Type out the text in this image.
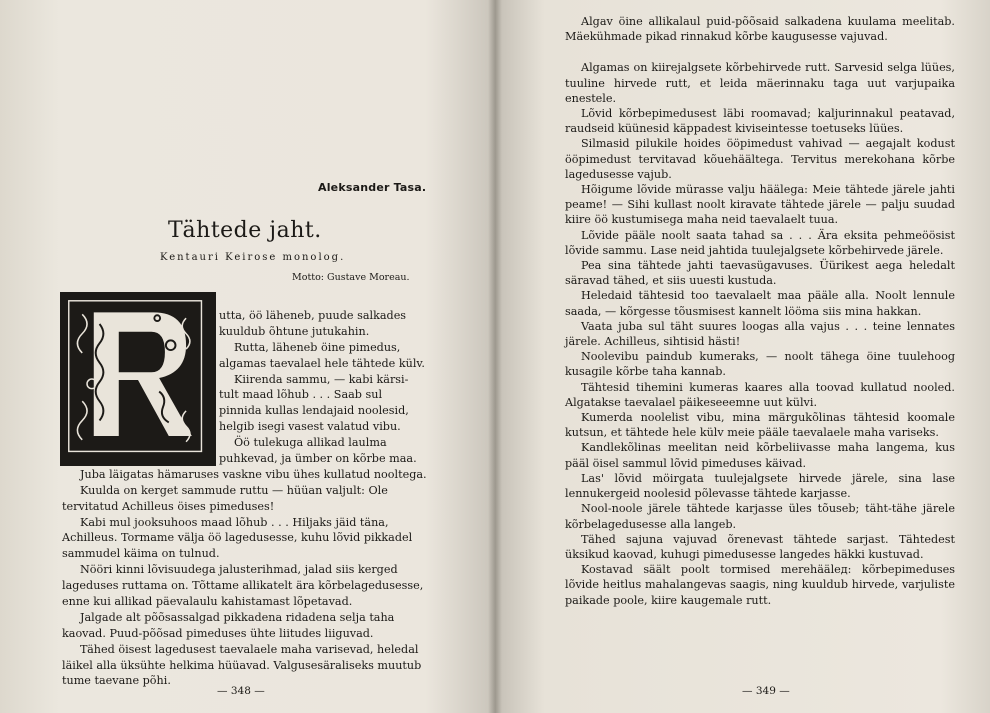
Aleksander Tasa.
Tähtede jaht.
Kentauri Keirose monolog.
Motto: Gustave Moreau.
utta, öö läheneb, puude salkades
kuuldub õhtune jutukahin.
Rutta, läheneb öine pimedus,
algamas taevalael hele tähtede külv.
Kiirenda sammu, — kabi kärsi-
tult maad lõhub . . . Saab sul
pinnida kullas lendajaid noolesid,
helgib isegi vasest valatud vibu.
Öö tulekuga allikad laulma
puhkevad, ja ümber on kõrbe maa.
Juba läigatas hämaruses vaskne vibu ühes kullatud nooltega.
Kuulda on kerget sammude ruttu — hüüan valjult: Ole
tervitatud Achilleus öises pimeduses!
Kabi mul jooksuhoos maad lõhub . . . Hiljaks jäid täna,
Achilleus. Tormame välja öö lagedusesse, kuhu lõvid pikkadel
sammudel käima on tulnud.
Nööri kinni lõvisuudega jalusterihmad, jalad siis kerged
lageduses ruttama on. Tõttame allikatelt ära kõrbelagedusesse,
enne kui allikad päevalaulu kahistamast lõpetavad.
Jalgade alt põõsassalgad pikkadena ridadena selja taha
kaovad. Puud-põõsad pimeduses ühte liitudes liiguvad.
Tähed öisest lagedusest taevalaele maha varisevad, heledal
läikel alla üksühte helkima hüüavad. Valgusesäraliseks muutub
tume taevane põhi.
— 348 —

Algav öine allikalaul puid-põõsaid salkadena kuulama meelitab. Mäekühmade pikad rinnakud kõrbe kaugusesse vajuvad.

Algamas on kiirejalgsete kõrbehirvede rutt. Sarvesid selga lüües, tuuline hirvede rutt, et leida mäerinnaku taga uut varjupaika enestele.

Lõvid kõrbepimedusest läbi roomavad; kaljurinnakul peatavad, raudseid küünesid käppadest kiviseintesse toetuseks lüües.

Silmasid pilukile hoides ööpimedust vahivad — aegajalt kodust ööpimedust tervitavad kõuehäältega. Tervitus merekohana kõrbe lagedusesse vajub.

Hõigume lõvide mürasse valju häälega: Meie tähtede järele jahti peame! — Sihi kullast noolt kiravate tähtede järele — palju suudad kiire öö kustumisega maha neid taevalaelt tuua.

Lõvide pääle noolt saata tahad sa . . . Ära eksita pehmeöösist lõvide sammu. Lase neid jahtida tuulejalgsete kõrbehirvede järele.

Pea sina tähtede jahti taevasügavuses. Üürikest aega heledalt säravad tähed, et siis uuesti kustuda.

Heledaid tähtesid too taevalaelt maa pääle alla. Noolt lennule saada, — kõrgesse tõusmisest kannelt lööma siis mina hakkan.

Vaata juba sul täht suures loogas alla vajus . . . teine lennates järele. Achilleus, sihtisid hästi!

Noolevibu paindub kumeraks, — noolt tähega öine tuulehoog kusagile kõrbe taha kannab.

Tähtesid tihemini kumeras kaares alla toovad kullatud nooled. Algatakse taevalael päikeseeemne uut külvi.

Kumerda noolelist vibu, mina märgukõlinas tähtesid koomale kutsun, et tähtede hele külv meie pääle taevalaele maha variseks.

Kandlekõlinas meelitan neid kõrbeliivasse maha langema, kus pääl öisel sammul lõvid pimeduses käivad.

Las' lõvid möirgata tuulejalgsete hirvede järele, sina lase lennukergeid noolesid põlevasse tähtede karjasse.

Nool-noole järele tähtede karjasse üles tõuseb; täht-tähe järele kõrbelagedusesse alla langeb.

Tähed sajuna vajuvad õrenevast tähtede sarjast. Tähtedest üksikud kaovad, kuhugi pimedusesse langedes häkki kustuvad.

Kostavad säält poolt tormised merehäälед: kõrbepimeduses lõvide heitlus mahalangevas saagis, ning kuuldub hirvede, varjuliste paikade poole, kiire kaugemale rutt.

— 349 —
